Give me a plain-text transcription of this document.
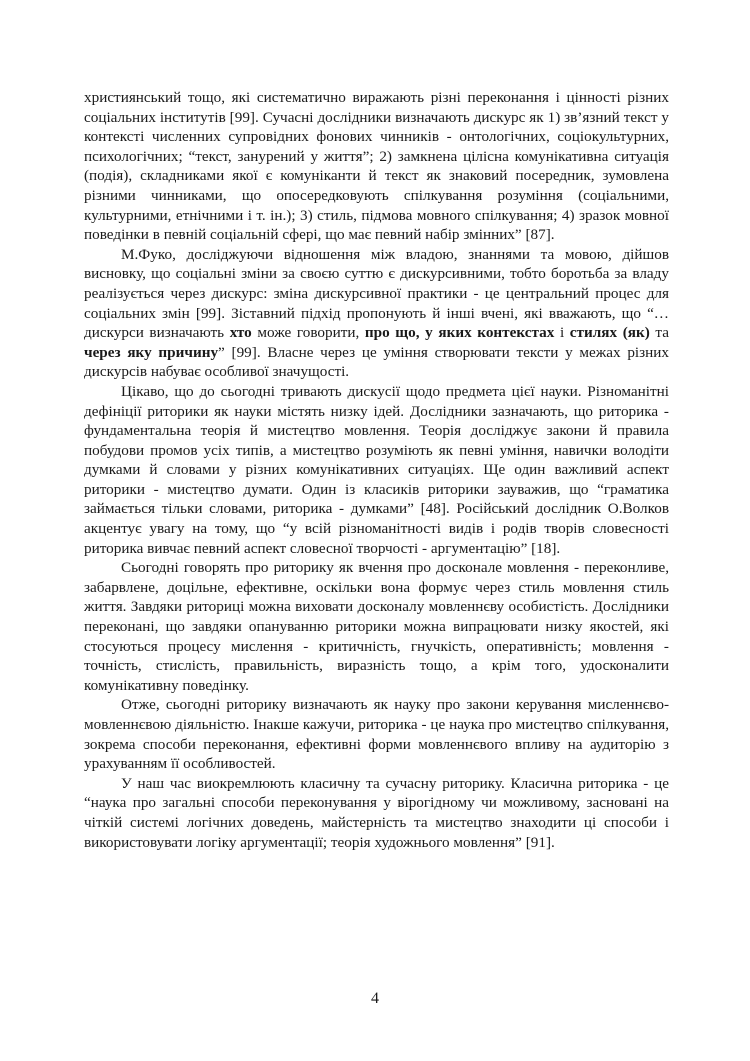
християнський тощо, які систематично виражають різні переконання і цінності різних соціальних інститутів [99]. Сучасні дослідники визначають дискурс як 1) зв’язний текст у контексті численних супровідних фонових чинників - онтологічних, соціокультурних, психологічних; “текст, занурений у життя”; 2) замкнена цілісна комунікативна ситуація (подія), складниками якої є комуніканти й текст як знаковий посередник, зумовлена різними чинниками, що опосередковують спілкування розуміння (соціальними, культурними, етнічними і т. ін.); 3) стиль, підмова мовного спілкування; 4) зразок мовної поведінки в певній соціальній сфері, що має певний набір змінних” [87].

М.Фуко, досліджуючи відношення між владою, знаннями та мовою, дійшов висновку, що соціальні зміни за своєю суттю є дискурсивними, тобто боротьба за владу реалізується через дискурс: зміна дискурсивної практики - це центральний процес для соціальних змін [99]. Зіставний підхід пропонують й інші вчені, які вважають, що “…дискурси визначають хто може говорити, про що, у яких контекстах і стилях (як) та через яку причину” [99]. Власне через це уміння створювати тексти у межах різних дискурсів набуває особливої значущості.

Цікаво, що до сьогодні тривають дискусії щодо предмета цієї науки. Різноманітні дефініції риторики як науки містять низку ідей. Дослідники зазначають, що риторика - фундаментальна теорія й мистецтво мовлення. Теорія досліджує закони й правила побудови промов усіх типів, а мистецтво розуміють як певні уміння, навички володіти думками й словами у різних комунікативних ситуаціях. Ще один важливий аспект риторики - мистецтво думати. Один із класиків риторики зауважив, що “граматика займається тільки словами, риторика - думками” [48]. Російський дослідник О.Волков акцентує увагу на тому, що “у всій різноманітності видів і родів творів словесності риторика вивчає певний аспект словесної творчості - аргументацію” [18].

Сьогодні говорять про риторику як вчення про досконале мовлення - переконливе, забарвлене, доцільне, ефективне, оскільки вона формує через стиль мовлення стиль життя. Завдяки риториці можна виховати досконалу мовленнєву особистість. Дослідники переконані, що завдяки опануванню риторики можна випрацювати низку якостей, які стосуються процесу мислення - критичність, гнучкість, оперативність; мовлення - точність, стислість, правильність, виразність тощо, а крім того, удосконалити комунікативну поведінку.

Отже, сьогодні риторику визначають як науку про закони керування мисленнєво-мовленнєвою діяльністю. Інакше кажучи, риторика - це наука про мистецтво спілкування, зокрема способи переконання, ефективні форми мовленнєвого впливу на аудиторію з урахуванням її особливостей.

У наш час виокремлюють класичну та сучасну риторику. Класична риторика - це “наука про загальні способи переконування у вірогідному чи можливому, засновані на чіткій системі логічних доведень, майстерність та мистецтво знаходити ці способи і використовувати логіку аргументації; теорія художнього мовлення” [91].

4
